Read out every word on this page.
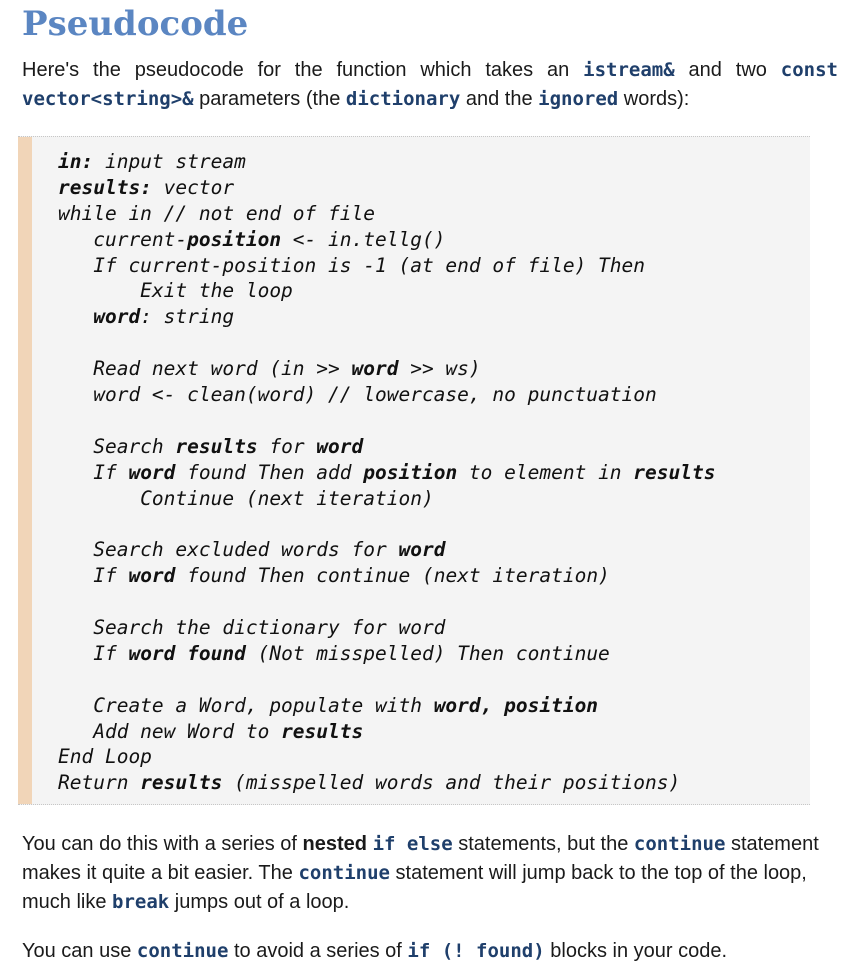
Pseudocode

Here's the pseudocode for the function which takes an istream& and two const vector<string>& parameters (the dictionary and the ignored words):

in: input stream
results: vector
while in // not end of file
current-position <- in.tellg()
If current-position is -1 (at end of file) Then
Exit the loop
word: string
Read next word (in >> word >> ws)
word <- clean(word) // lowercase, no punctuation
Search results for word
If word found Then add position to element in results
Continue (next iteration)
Search excluded words for word
If word found Then continue (next iteration)
Search the dictionary for word
If word found (Not misspelled) Then continue
Create a Word, populate with word, position
Add new Word to results
End Loop
Return results (misspelled words and their positions)

You can do this with a series of nested if else statements, but the continue statement makes it quite a bit easier. The continue statement will jump back to the top of the loop, much like break jumps out of a loop.

You can use continue to avoid a series of if (! found) blocks in your code.
